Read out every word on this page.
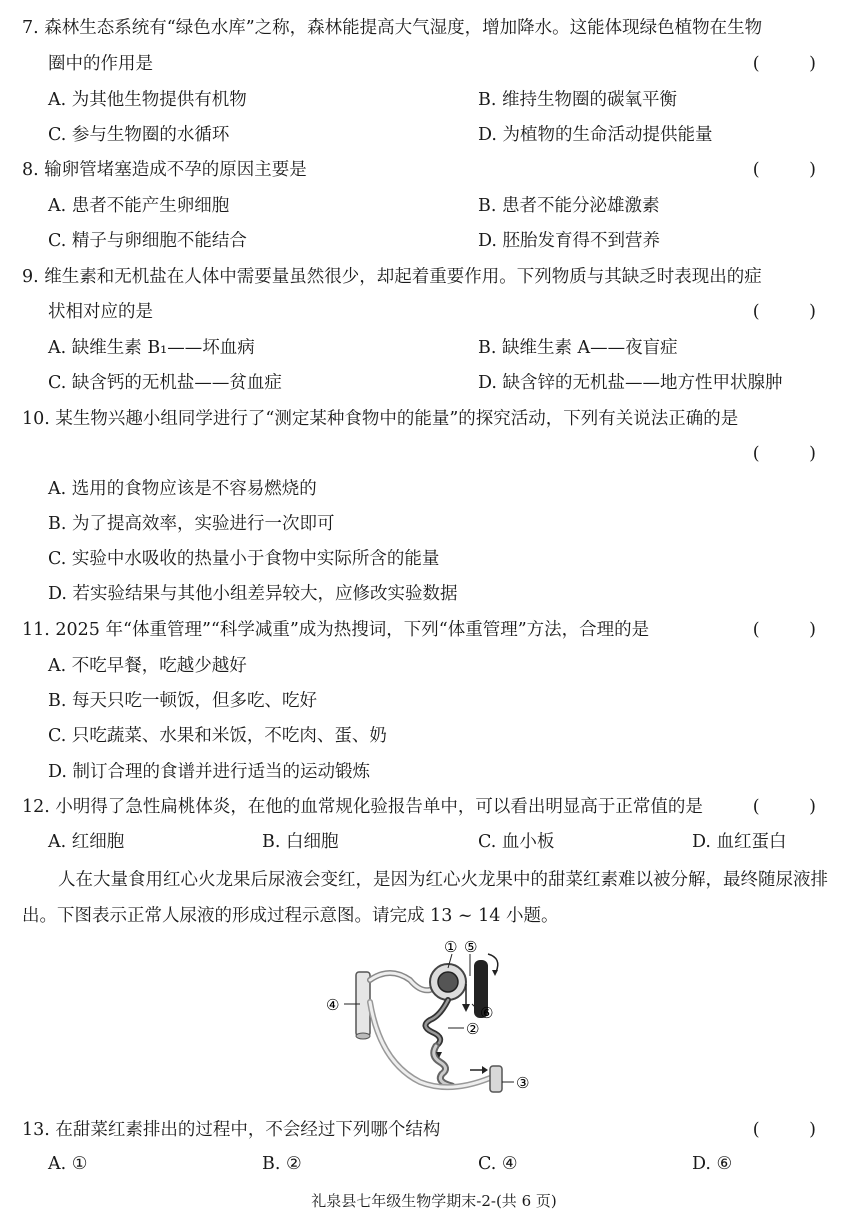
7. 森林生态系统有“绿色水库”之称，森林能提高大气湿度，增加降水。这能体现绿色植物在生物
圈中的作用是	( )
A. 为其他生物提供有机物	B. 维持生物圈的碳氧平衡
C. 参与生物圈的水循环	D. 为植物的生命活动提供能量
8. 输卵管堵塞造成不孕的原因主要是	( )
A. 患者不能产生卵细胞	B. 患者不能分泌雄激素
C. 精子与卵细胞不能结合	D. 胚胎发育得不到营养
9. 维生素和无机盐在人体中需要量虽然很少，却起着重要作用。下列物质与其缺乏时表现出的症
状相对应的是	( )
A. 缺维生素 B₁——坏血病	B. 缺维生素 A——夜盲症
C. 缺含钙的无机盐——贫血症	D. 缺含锌的无机盐——地方性甲状腺肿
10. 某生物兴趣小组同学进行了“测定某种食物中的能量”的探究活动，下列有关说法正确的是
( )
A. 选用的食物应该是不容易燃烧的
B. 为了提高效率，实验进行一次即可
C. 实验中水吸收的热量小于食物中实际所含的能量
D. 若实验结果与其他小组差异较大，应修改实验数据
11. 2025 年“体重管理”“科学减重”成为热搜词，下列“体重管理”方法，合理的是	( )
A. 不吃早餐，吃越少越好
B. 每天只吃一顿饭，但多吃、吃好
C. 只吃蔬菜、水果和米饭，不吃肉、蛋、奶
D. 制订合理的食谱并进行适当的运动锻炼
12. 小明得了急性扁桃体炎，在他的血常规化验报告单中，可以看出明显高于正常值的是	( )
A. 红细胞	B. 白细胞	C. 血小板	D. 血红蛋白
人在大量食用红心火龙果后尿液会变红，是因为红心火龙果中的甜菜红素难以被分解，最终随尿液排出。下图表示正常人尿液的形成过程示意图。请完成 13 ~ 14 小题。
① ⑤
④	⑥
②
③
13. 在甜菜红素排出的过程中，不会经过下列哪个结构	( )
A. ①	B. ②	C. ④	D. ⑥
礼泉县七年级生物学期末-2-(共 6 页)
